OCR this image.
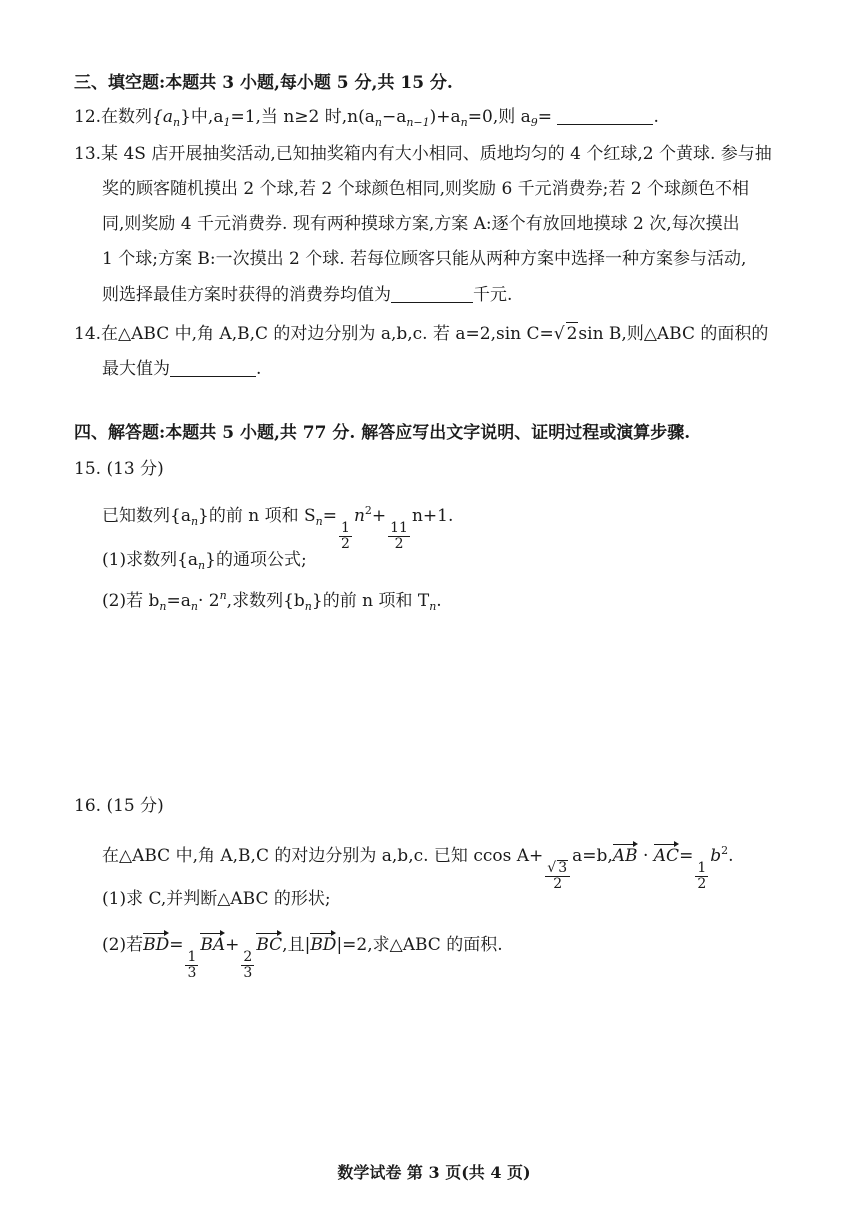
三、填空题:本题共 3 小题,每小题 5 分,共 15 分.
12.在数列$\{a_n\}$中$,a_1=1$,当 n≥2 时$,n(a_n-a_{n-1})+a_n=0$,则 $a_9=$	.
13.某 4S 店开展抽奖活动,已知抽奖箱内有大小相同、质地均匀的 4 个红球,2 个黄球. 参与抽
奖的顾客随机摸出 2 个球,若 2 个球颜色相同,则奖励 6 千元消费券;若 2 个球颜色不相
同,则奖励 4 千元消费券. 现有两种摸球方案,方案 A:逐个有放回地摸球 2 次,每次摸出
1 个球;方案 B:一次摸出 2 个球. 若每位顾客只能从两种方案中选择一种方案参与活动,
则选择最佳方案时获得的消费券均值为	千元.
14.在△ABC 中,角 A,B,C 的对边分别为 a,b,c. 若 a=2,sin C=√ 2sin B,则△ABC 的面积的
最大值为	.
四、解答题:本题共 5 小题,共 77 分. 解答应写出文字说明、证明过程或演算步骤.
15. (13 分)
已知数列$\{a_n\}$的前 n 项和 $S_n=$
$\frac{1}{2}$
$n^2+$
$\frac{11}{2}$
n+1.
(1)求数列$\{a_n\}$的通项公式;
(2)若 $b_n=a_n\cdot 2^n$,求数列$\{b_n\}$的前 n 项和 $T_n$.
16. (15 分)
在△ABC 中,角 A,B,C 的对边分别为 a,b,c. 已知 ccos A+
$\frac{√ 3}{2}$
a=b,AB · AC=
$\frac{1}{2}$
$b^2$.
(1)求 C,并判断△ABC 的形状;
(2)若BD=
$\frac{1}{3}$
BA+
$\frac{2}{3}$
BC,且|BD|=2,求△ABC 的面积.
数学试卷 第 3 页(共 4 页)
